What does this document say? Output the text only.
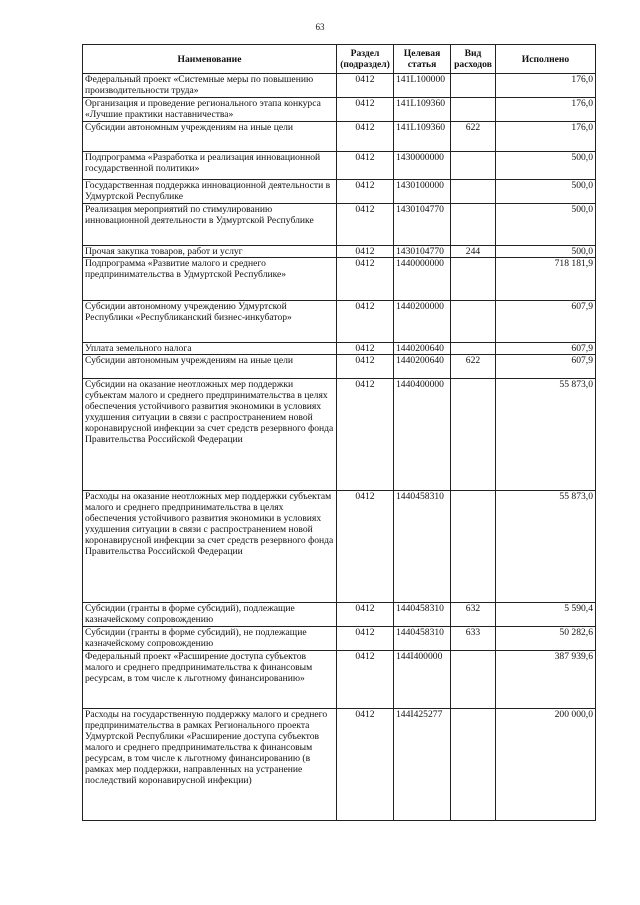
63
Наименование	Раздел (подраздел)	Целевая статья	Вид расходов	Исполнено
Федеральный проект «Системные меры по повышению производительности труда»	0412	141L100000		176,0
Организация и проведение регионального этапа конкурса «Лучшие практики наставничества»	0412	141L109360		176,0
Субсидии автономным учреждениям на иные цели	0412	141L109360	622	176,0
Подпрограмма «Разработка и реализация инновационной государственной политики»	0412	1430000000		500,0
Государственная поддержка инновационной деятельности в Удмуртской Республике	0412	1430100000		500,0
Реализация мероприятий по стимулированию инновационной деятельности в Удмуртской Республике	0412	1430104770		500,0
Прочая закупка товаров, работ и услуг	0412	1430104770	244	500,0
Подпрограмма «Развитие малого и среднего предпринимательства в Удмуртской Республике»	0412	1440000000		718 181,9
Субсидии автономному учреждению Удмуртской Республики «Республиканский бизнес-инкубатор»	0412	1440200000		607,9
Уплата земельного налога	0412	1440200640		607,9
Субсидии автономным учреждениям на иные цели	0412	1440200640	622	607,9
Субсидии на оказание неотложных мер поддержки субъектам малого и среднего предпринимательства в целях обеспечения устойчивого развития экономики в условиях ухудшения ситуации в связи с распространением новой коронавирусной инфекции за счет средств резервного фонда Правительства Российской Федерации	0412	1440400000		55 873,0
Расходы на оказание неотложных мер поддержки субъектам малого и среднего предпринимательства в целях обеспечения устойчивого развития экономики в условиях ухудшения ситуации в связи с распространением новой коронавирусной инфекции за счет средств резервного фонда Правительства Российской Федерации	0412	1440458310		55 873,0
Субсидии (гранты в форме субсидий), подлежащие казначейскому сопровождению	0412	1440458310	632	5 590,4
Субсидии (гранты в форме субсидий), не подлежащие казначейскому сопровождению	0412	1440458310	633	50 282,6
Федеральный проект «Расширение доступа субъектов малого и среднего предпринимательства к финансовым ресурсам, в том числе к льготному финансированию»	0412	144I400000		387 939,6
Расходы на государственную поддержку малого и среднего предпринимательства в рамках Регионального проекта Удмуртской Республики «Расширение доступа субъектов малого и среднего предпринимательства к финансовым ресурсам, в том числе к льготному финансированию (в рамках мер поддержки, направленных на устранение последствий коронавирусной инфекции)	0412	144I425277		200 000,0
